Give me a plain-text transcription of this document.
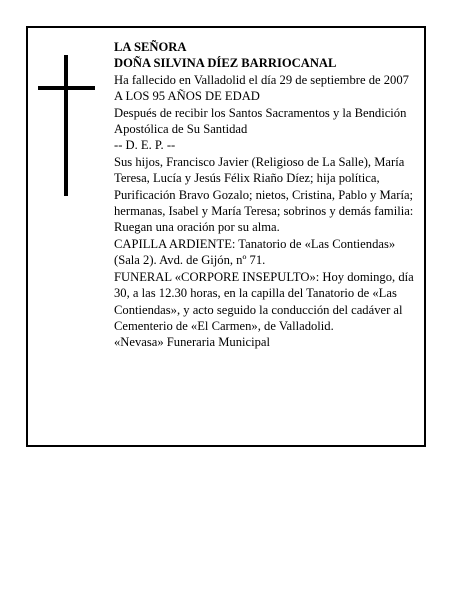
LA SEÑORA

DOÑA SILVINA DÍEZ BARRIOCANAL

Ha fallecido en Valladolid el día 29 de septiembre de 2007

A LOS 95 AÑOS DE EDAD

Después de recibir los Santos Sacramentos y la Bendición Apostólica de Su Santidad

-- D. E. P. --

Sus hijos, Francisco Javier (Religioso de La Salle), María Teresa, Lucía y Jesús Félix Riaño Díez; hija política, Purificación Bravo Gozalo; nietos, Cristina, Pablo y María; hermanas, Isabel y María Teresa; sobrinos y demás familia:

Ruegan una oración por su alma.

CAPILLA ARDIENTE: Tanatorio de «Las Contiendas» (Sala 2). Avd. de Gijón, nº 71.

FUNERAL «CORPORE INSEPULTO»: Hoy domingo, día 30, a las 12.30 horas, en la capilla del Tanatorio de «Las Contiendas», y acto seguido la conducción del cadáver al Cementerio de «El Carmen», de Valladolid.

«Nevasa» Funeraria Municipal
